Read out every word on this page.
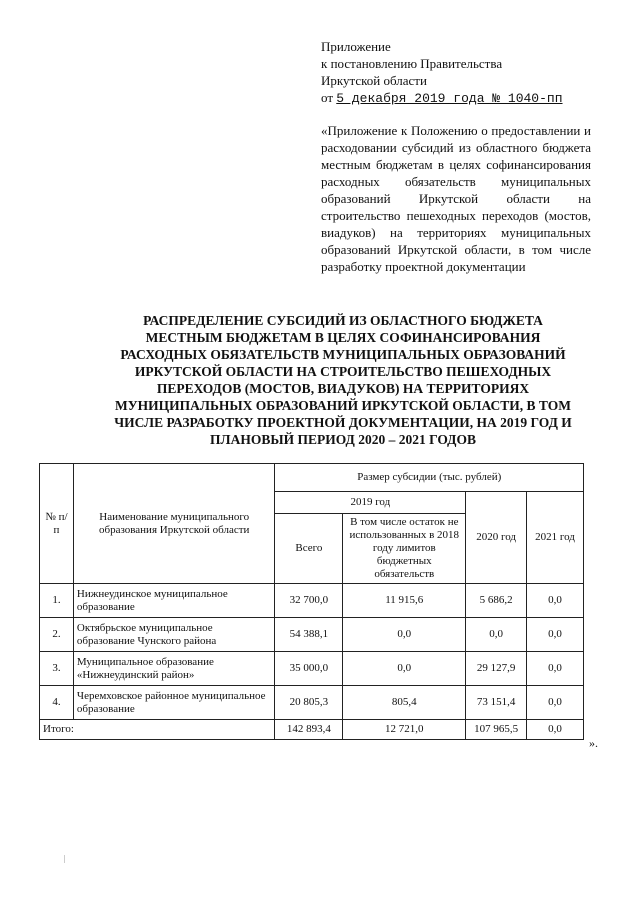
Приложение
к постановлению Правительства
Иркутской области
от 5 декабря 2019 года № 1040-пп
«Приложение к Положению о предоставлении и расходовании субсидий из областного бюджета местным бюджетам в целях софинансирования расходных обязательств муниципальных образований Иркутской области на строительство пешеходных переходов (мостов, виадуков) на территориях муниципальных образований Иркутской области, в том числе разработку проектной документации
РАСПРЕДЕЛЕНИЕ СУБСИДИЙ ИЗ ОБЛАСТНОГО БЮДЖЕТА МЕСТНЫМ БЮДЖЕТАМ В ЦЕЛЯХ СОФИНАНСИРОВАНИЯ РАСХОДНЫХ ОБЯЗАТЕЛЬСТВ МУНИЦИПАЛЬНЫХ ОБРАЗОВАНИЙ ИРКУТСКОЙ ОБЛАСТИ НА СТРОИТЕЛЬСТВО ПЕШЕХОДНЫХ ПЕРЕХОДОВ (МОСТОВ, ВИАДУКОВ) НА ТЕРРИТОРИЯХ МУНИЦИПАЛЬНЫХ ОБРАЗОВАНИЙ ИРКУТСКОЙ ОБЛАСТИ, В ТОМ ЧИСЛЕ РАЗРАБОТКУ ПРОЕКТНОЙ ДОКУМЕНТАЦИИ, НА 2019 ГОД И ПЛАНОВЫЙ ПЕРИОД 2020 – 2021 ГОДОВ
№ п/п	Наименование муниципального образования Иркутской области	Размер субсидии (тыс. рублей)			
		2019 год		2020 год	2021 год
		Всего	В том числе остаток не использованных в 2018 году лимитов бюджетных обязательств		
1.	Нижнеудинское муниципальное образование	32 700,0	11 915,6	5 686,2	0,0
2.	Октябрьское муниципальное образование Чунского района	54 388,1	0,0	0,0	0,0
3.	Муниципальное образование «Нижнеудинский район»	35 000,0	0,0	29 127,9	0,0
4.	Черемховское районное муниципальное образование	20 805,3	805,4	73 151,4	0,0
Итого:		142 893,4	12 721,0	107 965,5	0,0
».
